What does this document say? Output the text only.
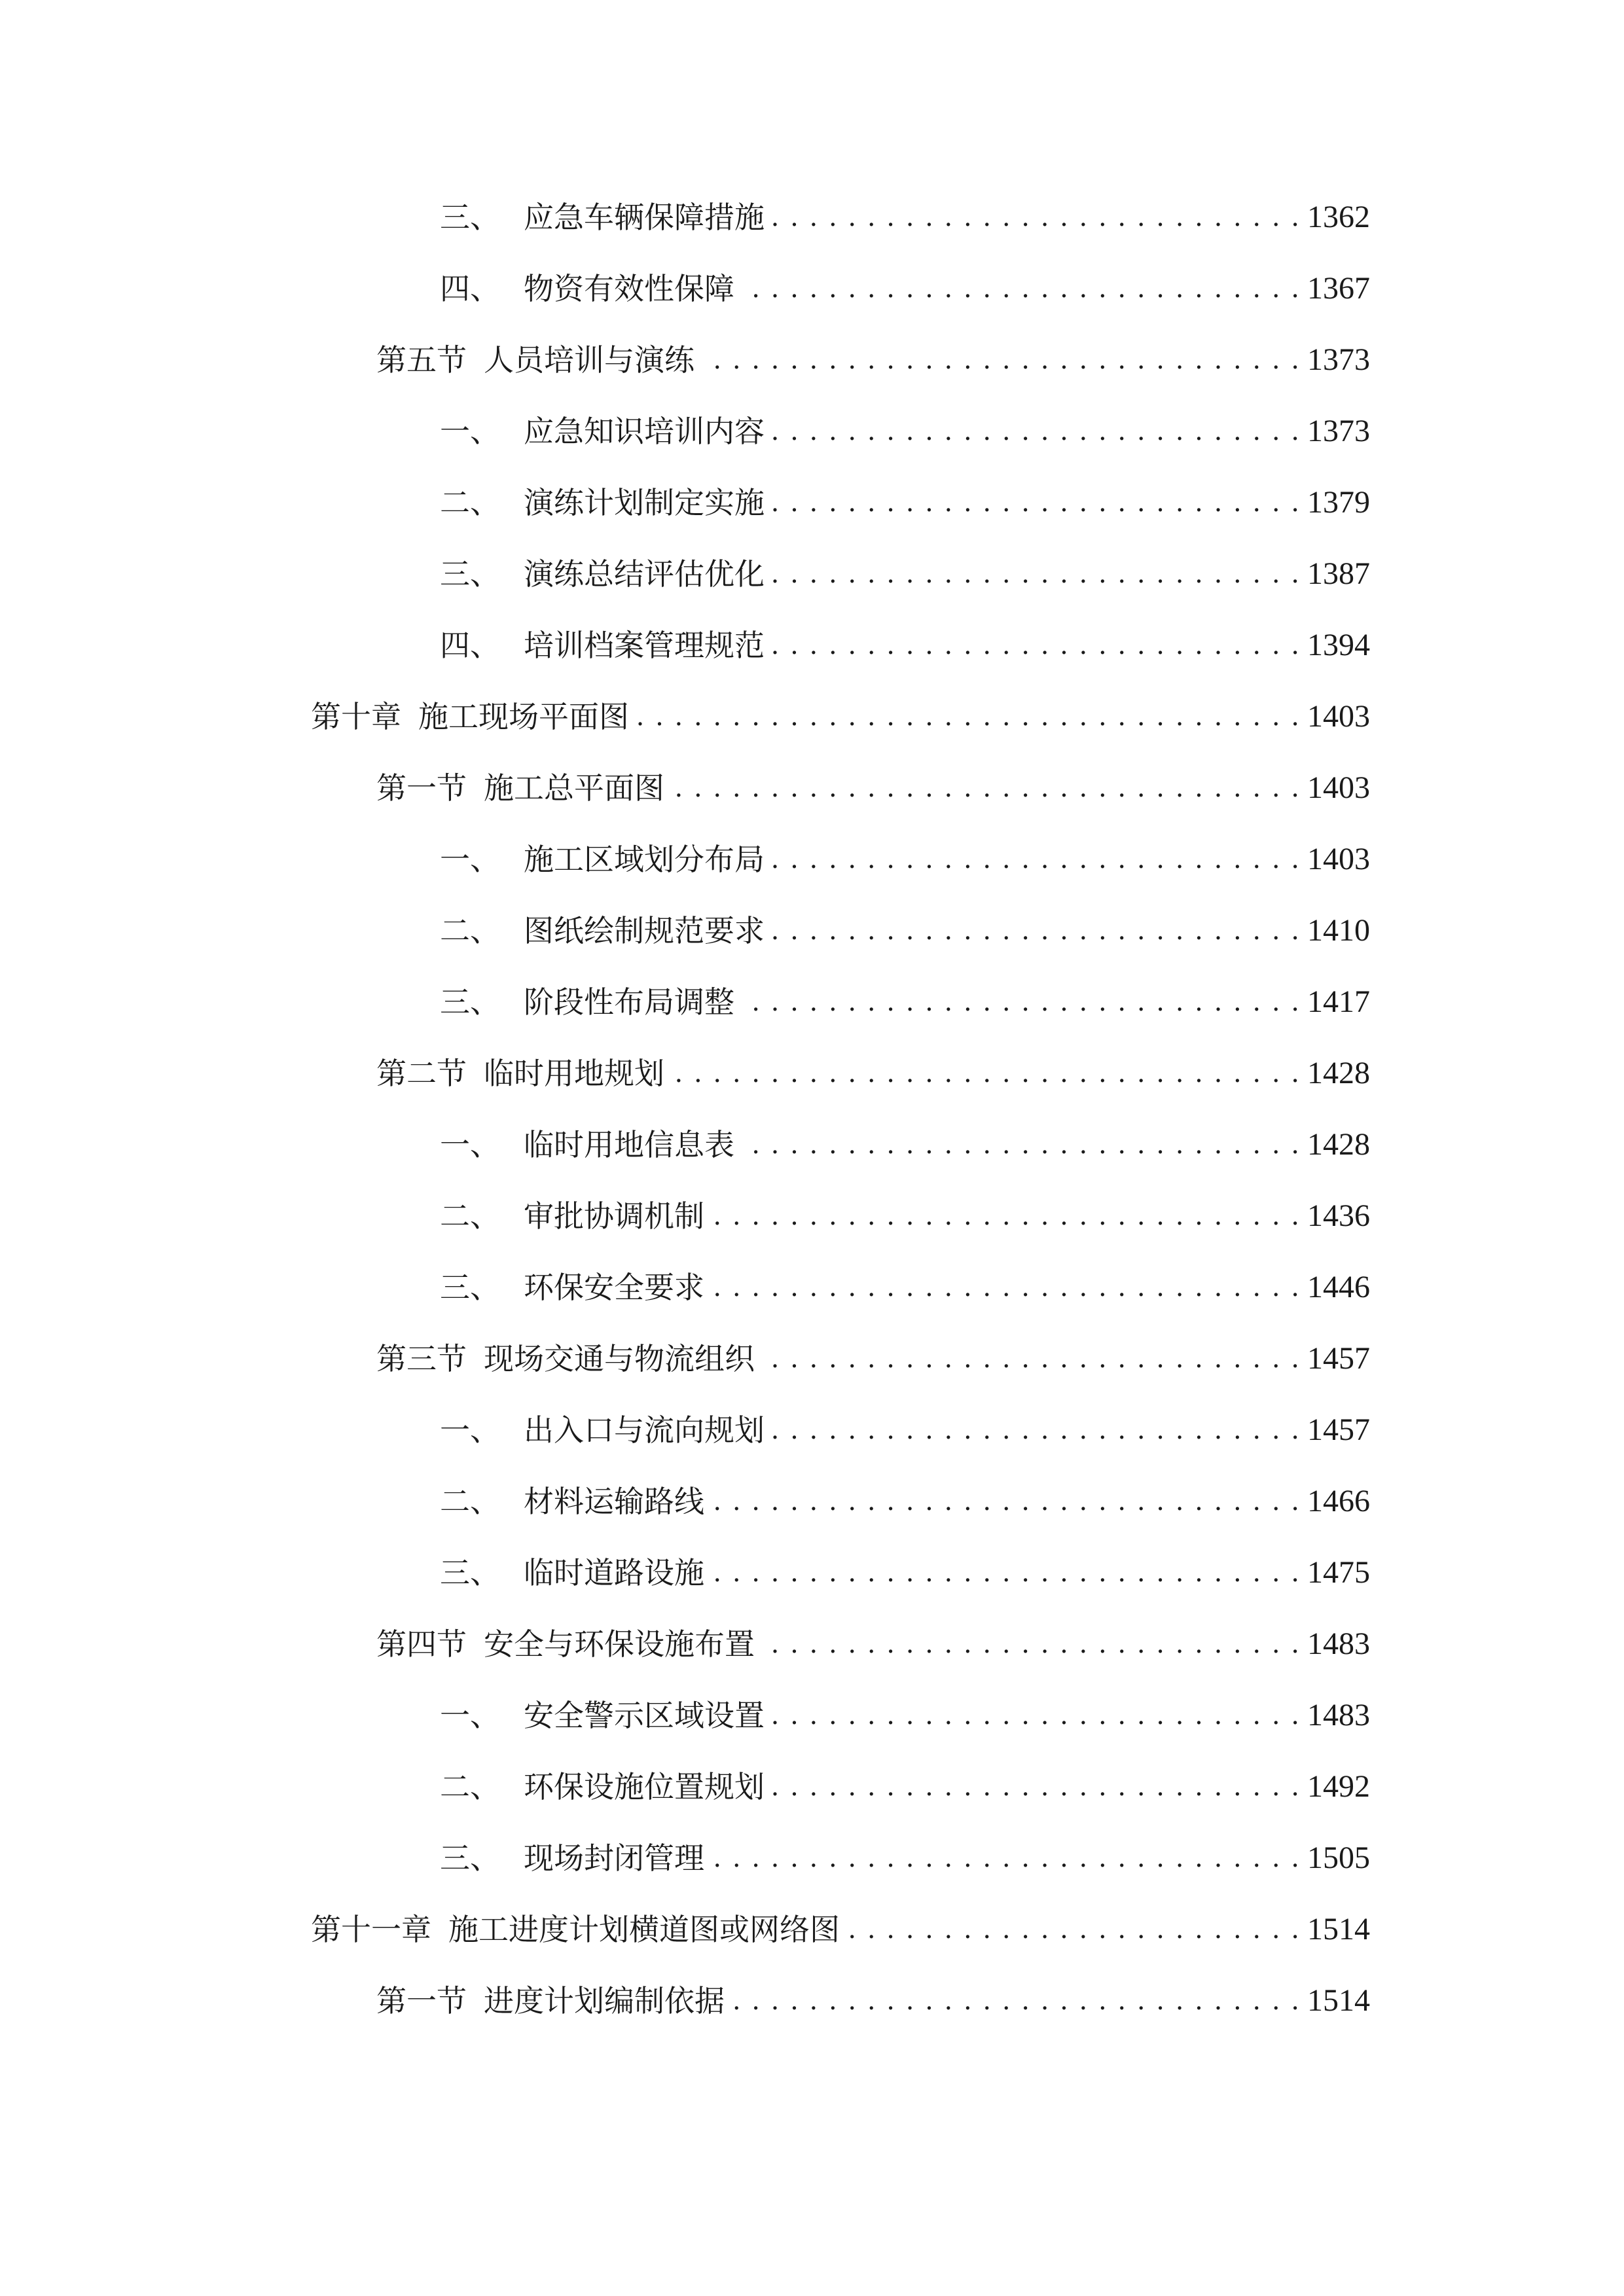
三、 应急车辆保障措施 . . .	1362
四、 物资有效性保障 . . .	1367
第五节 人员培训与演练 . . .	1373
一、 应急知识培训内容 . . .	1373
二、 演练计划制定实施 . . .	1379
三、 演练总结评估优化 . . .	1387
四、 培训档案管理规范 . . .	1394
第十章 施工现场平面图 . . .	1403
第一节 施工总平面图 . . .	1403
一、 施工区域划分布局 . . .	1403
二、 图纸绘制规范要求 . . .	1410
三、 阶段性布局调整 . . .	1417
第二节 临时用地规划 . . .	1428
一、 临时用地信息表 . . .	1428
二、 审批协调机制 . . .	1436
三、 环保安全要求 . . .	1446
第三节 现场交通与物流组织 . . .	1457
一、 出入口与流向规划 . . .	1457
二、 材料运输路线 . . .	1466
三、 临时道路设施 . . .	1475
第四节 安全与环保设施布置 . . .	1483
一、 安全警示区域设置 . . .	1483
二、 环保设施位置规划 . . .	1492
三、 现场封闭管理 . . .	1505
第十一章 施工进度计划横道图或网络图 . . .	1514
第一节 进度计划编制依据 . . .	1514
